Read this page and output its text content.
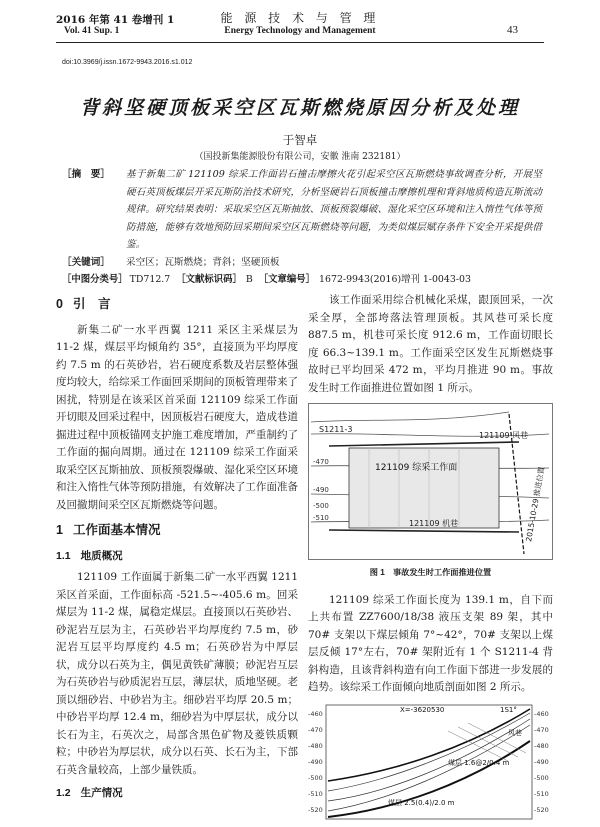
2016 年第 41 卷增刊 1
Vol. 41 Sup. 1
能 源 技 术 与 管 理
Energy Technology and Management	43
doi:10.3969/j.issn.1672-9943.2016.s1.012
背斜坚硬顶板采空区瓦斯燃烧原因分析及处理
于智卓
（国投新集能源股份有限公司，安徽 淮南 232181）
［摘　要］	基于新集二矿 121109 综采工作面岩石撞击摩擦火花引起采空区瓦斯燃烧事故调查分析，开展坚硬石英顶板煤层开采瓦斯防治技术研究，分析坚硬岩石顶板撞击摩擦机理和背斜地质构造瓦斯流动规律。研究结果表明：采取采空区瓦斯抽放、顶板预裂爆破、湿化采空区环境和注入惰性气体等预防措施，能够有效地预防回采期间采空区瓦斯燃烧等问题，为类似煤层赋存条件下安全开采提供借鉴。
［关键词］	采空区；瓦斯燃烧；背斜；坚硬顶板
［中图分类号］ TD712.7 ［文献标识码］ B ［文章编号］ 1672-9943(2016)增刊 1-0043-03
0 引　言

新集二矿一水平西翼 1211 采区主采煤层为 11-2 煤，煤层平均倾角约 35°，直接顶为平均厚度约 7.5 m 的石英砂岩，岩石硬度系数及岩层整体强度均较大，给综采工作面回采期间的顶板管理带来了困扰，特别是在该采区首采面 121109 综采工作面开切眼及回采过程中，因顶板岩石硬度大，造成巷道掘进过程中顶板锚网支护施工难度增加，严重制约了工作面的掘向周期。通过在 121109 综采工作面采取采空区瓦斯抽放、顶板预裂爆破、湿化采空区环境和注入惰性气体等预防措施，有效解决了工作面准备及回撤期间采空区瓦斯燃烧等问题。

1 工作面基本情况
1.1 地质概况

121109 工作面属于新集二矿一水平西翼 1211 采区首采面，工作面标高 -521.5~-405.6 m。回采煤层为 11-2 煤，属稳定煤层。直接顶以石英砂岩、砂泥岩互层为主，石英砂岩平均厚度约 7.5 m，砂泥岩互层平均厚度约 4.5 m；石英砂岩为中厚层状，成分以石英为主，偶见黄铁矿薄膜；砂泥岩互层为石英砂岩与砂质泥岩互层，薄层状，质地坚硬。老顶以细砂岩、中砂岩为主。细砂岩平均厚 20.5 m；中砂岩平均厚 12.4 m，细砂岩为中厚层状，成分以长石为主，石英次之，局部含黑色矿物及菱铁质颗粒；中砂岩为厚层状，成分以石英、长石为主，下部石英含量较高，上部少量铁质。

1.2 生产情况

该工作面采用综合机械化采煤，跟顶回采，一次采全厚，全部垮落法管理顶板。其风巷可采长度 887.5 m，机巷可采长度 912.6 m，工作面切眼长度 66.3~139.1 m。工作面采空区发生瓦斯燃烧事故时已平均回采 472 m，平均月推进 90 m。事故发生时工作面推进位置如图 1 所示。

S1211-3
121109 风巷
121109 综采工作面
121109 机巷
-470
-490
-500
-510	2015-10-29 推进位置
图 1　事故发生时工作面推进位置

121109 综采工作面长度为 139.1 m，自下而上共布置 ZZ7600/18/38 液压支架 89 架，其中 70# 支架以下煤层倾角 7°~42°，70# 支架以上煤层反倾 17°左右，70# 架附近有 1 个 S1211-4 背斜构造，且该背斜构造有向工作面下部进一步发展的趋势。该综采工作面倾向地质剖面如图 2 所示。

-460
-470
-480
-490
-500
-510
-520
-460
-470
-480
-490
-500
-510
-520
X=-3620530	1S1°
煤层 1.6@2/0.4 m
煤层 2.5(0.4)/2.0 m
风巷
